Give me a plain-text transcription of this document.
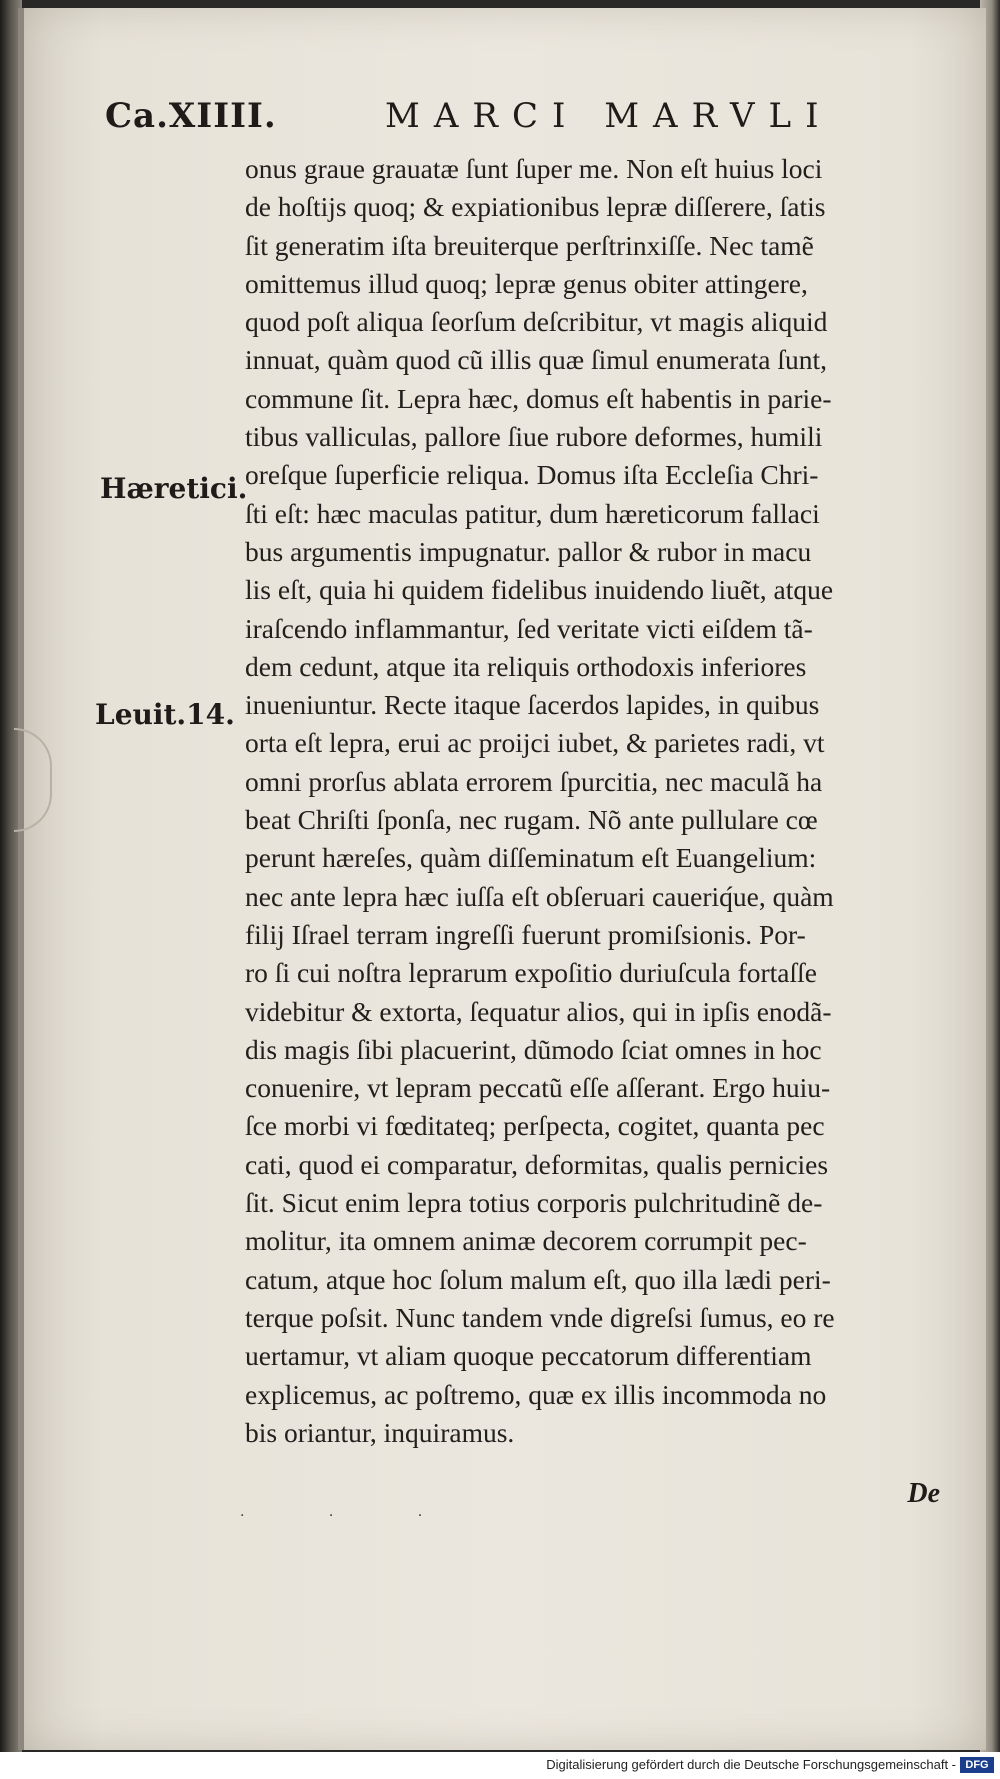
Ca.XIIII.	MARCI MARVLI
Hæretici.
Leuit.14.
onus graue grauatæ ſunt ſuper me. Non eſt huius loci
de hoſtijs quoq; & expiationibus lepræ diſſerere, ſatis
ſit generatim iſta breuiterque perſtrinxiſſe. Nec tamẽ
omittemus illud quoq; lepræ genus obiter attingere,
quod poſt aliqua ſeorſum deſcribitur, vt magis aliquid
innuat, quàm quod cũ illis quæ ſimul enumerata ſunt,
commune ſit. Lepra hæc, domus eſt habentis in parie-
tibus valliculas, pallore ſiue rubore deformes, humili
oreſque ſuperficie reliqua. Domus iſta Eccleſia Chri-
ſti eſt: hæc maculas patitur, dum hæreticorum fallaci
bus argumentis impugnatur. pallor & rubor in macu
lis eſt, quia hi quidem fidelibus inuidendo liuẽt, atque
iraſcendo inflammantur, ſed veritate victi eiſdem tã-
dem cedunt, atque ita reliquis orthodoxis inferiores
inueniuntur. Recte itaque ſacerdos lapides, in quibus
orta eſt lepra, erui ac proijci iubet, & parietes radi, vt
omni prorſus ablata errorem ſpurcitia, nec maculã ha
beat Chriſti ſponſa, nec rugam. Nõ ante pullulare cœ
perunt hæreſes, quàm diſſeminatum eſt Euangelium:
nec ante lepra hæc iuſſa eſt obſeruari caueriq́ue, quàm
filij Iſrael terram ingreſſi fuerunt promiſsionis. Por-
ro ſi cui noſtra leprarum expoſitio duriuſcula fortaſſe
videbitur & extorta, ſequatur alios, qui in ipſis enodã-
dis magis ſibi placuerint, dũmodo ſciat omnes in hoc
conuenire, vt lepram peccatũ eſſe aſſerant. Ergo huiu-
ſce morbi vi fœditateq; perſpecta, cogitet, quanta pec
cati, quod ei comparatur, deformitas, qualis pernicies
ſit. Sicut enim lepra totius corporis pulchritudinẽ de-
molitur, ita omnem animæ decorem corrumpit pec-
catum, atque hoc ſolum malum eſt, quo illa lædi peri-
terque poſsit. Nunc tandem vnde digreſsi ſumus, eo re
uertamur, vt aliam quoque peccatorum differentiam
explicemus, ac poſtremo, quæ ex illis incommoda no
bis oriantur, inquiramus.
· · ·
De
Digitalisierung gefördert durch die Deutsche Forschungsgemeinschaft - DFG
